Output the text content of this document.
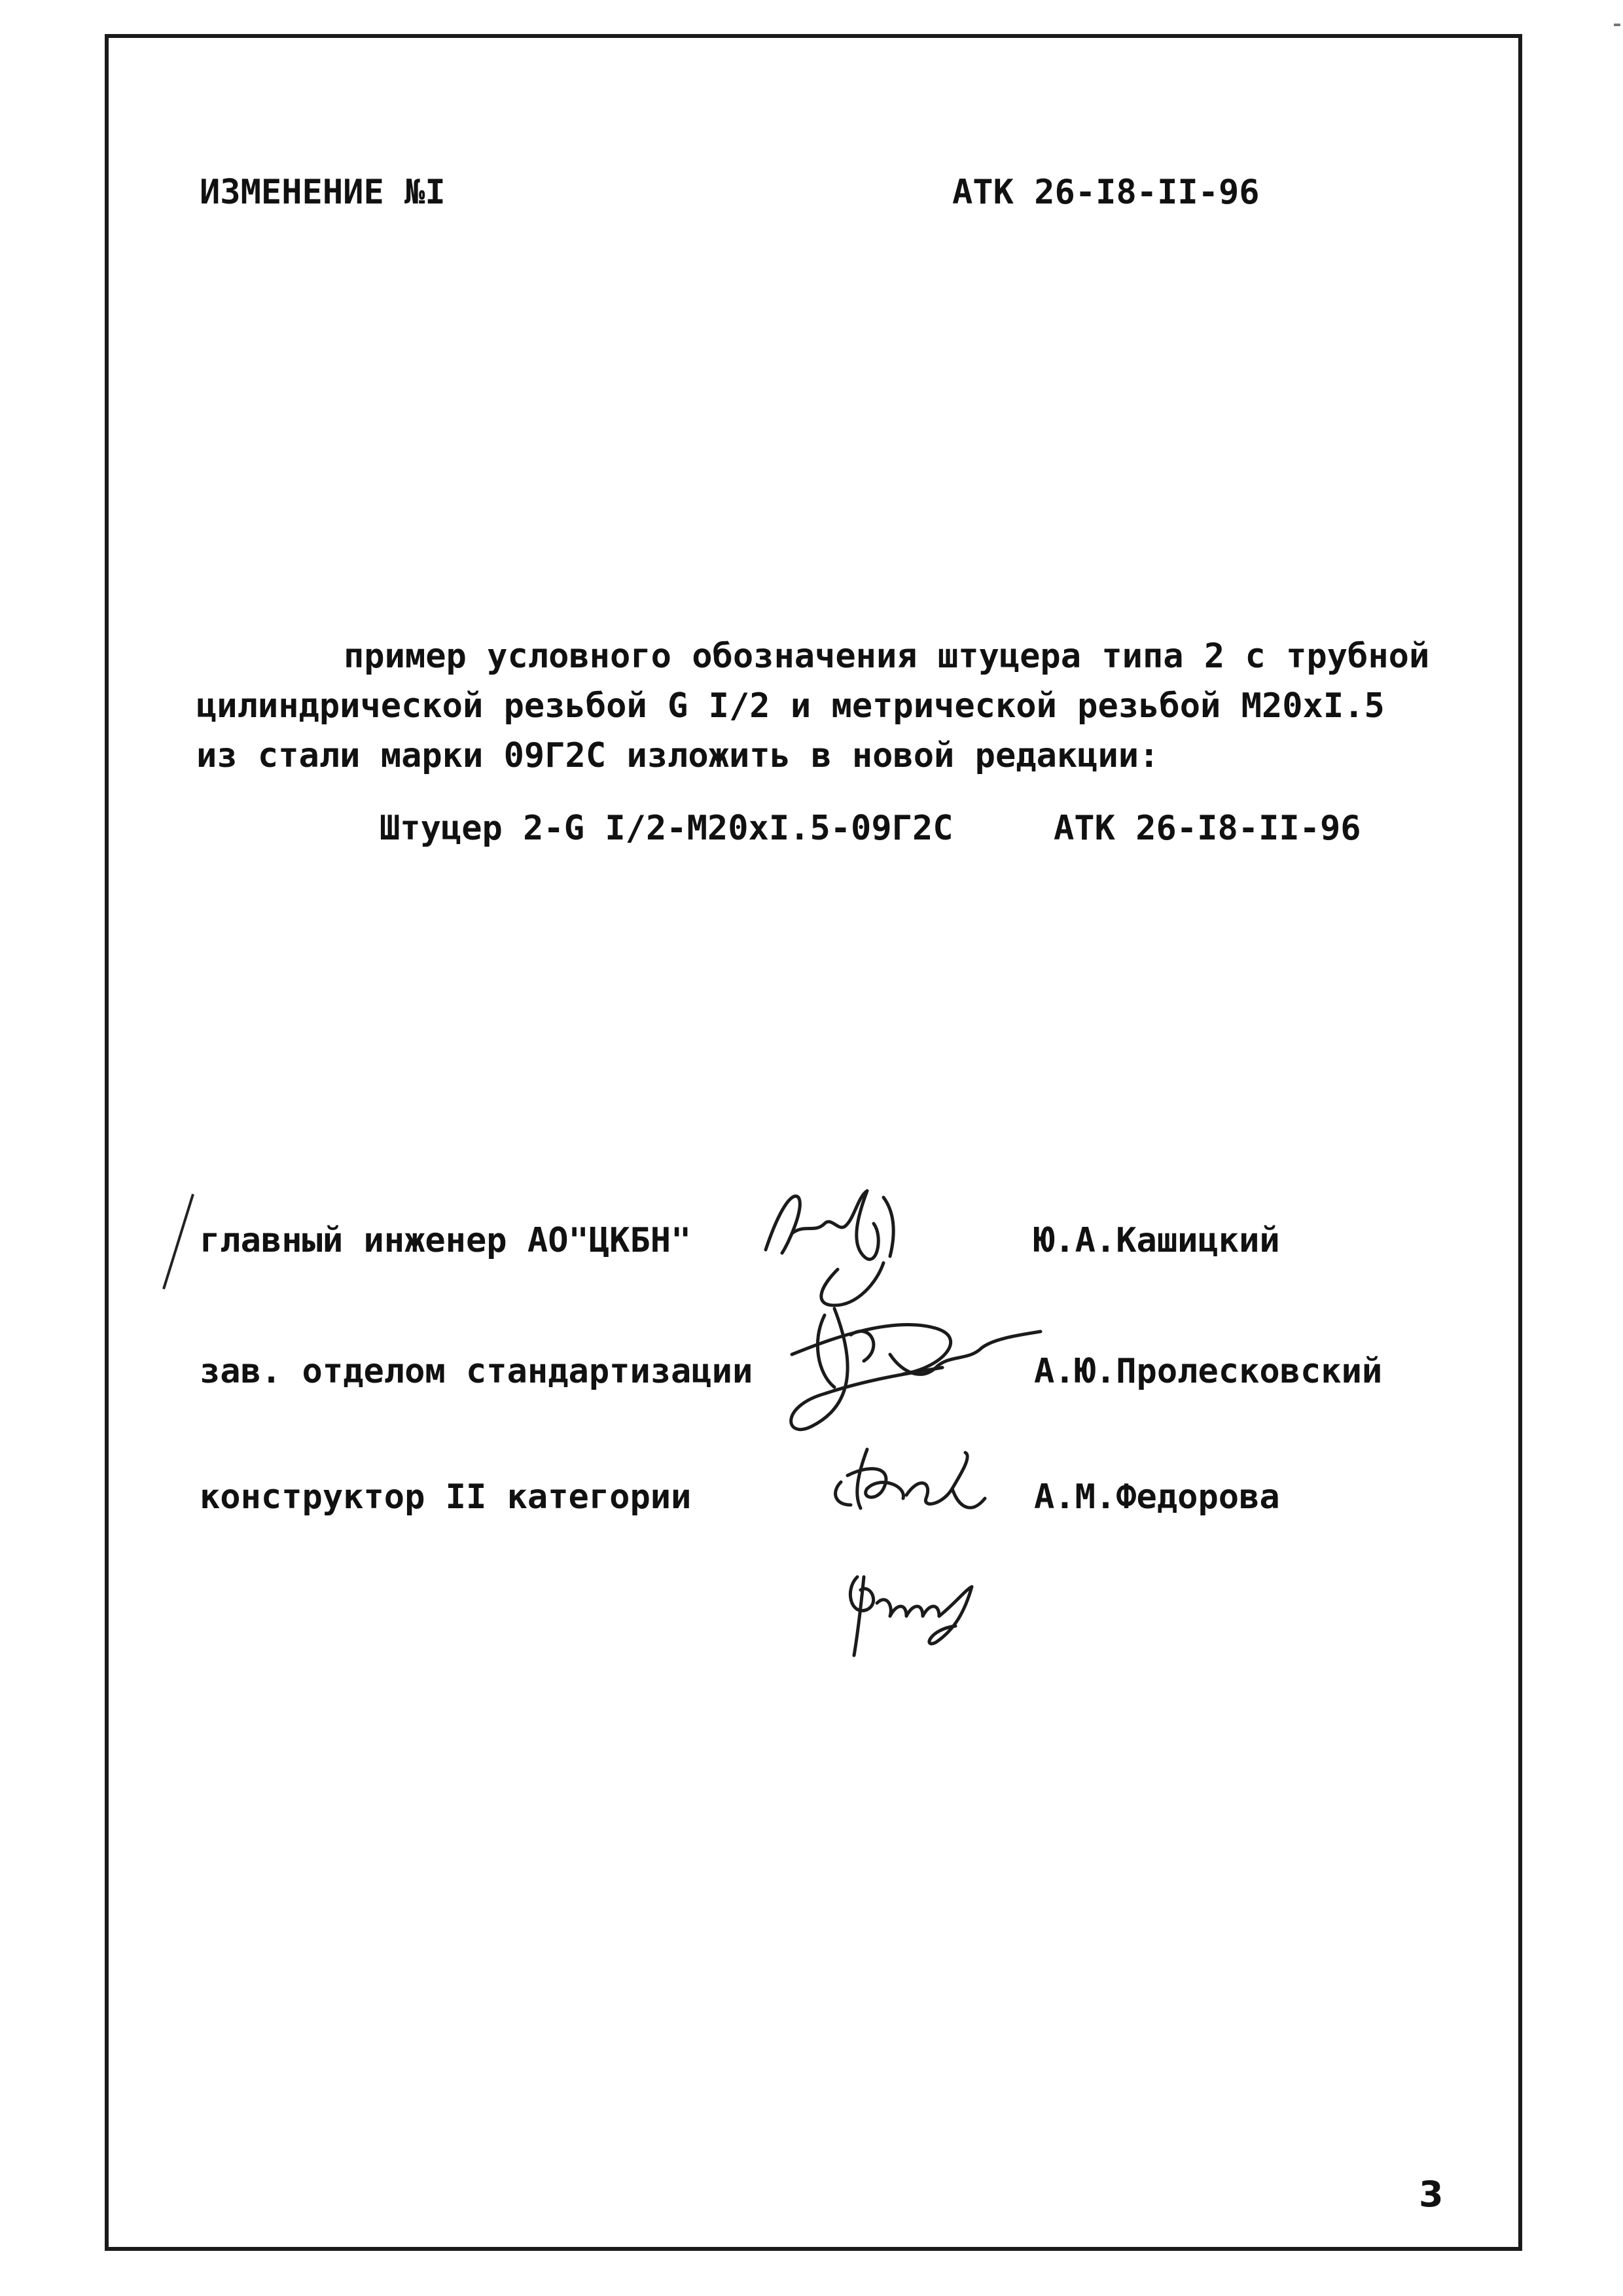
ИЗМЕНЕНИЕ №I	АТК 26-I8-II-96
пример условного обозначения штуцера типа 2 с трубной
цилиндрической резьбой G I/2 и метрической резьбой M20xI.5
из стали марки 09Г2С изложить в новой редакции:
Штуцер 2-G I/2-M20xI.5-09Г2С	АТК 26-I8-II-96
главный инженер АО"ЦКБН"	Ю.А.Кашицкий
зав. отделом стандартизации	А.Ю.Пролесковский
конструктор II категории	А.М.Федорова
3
